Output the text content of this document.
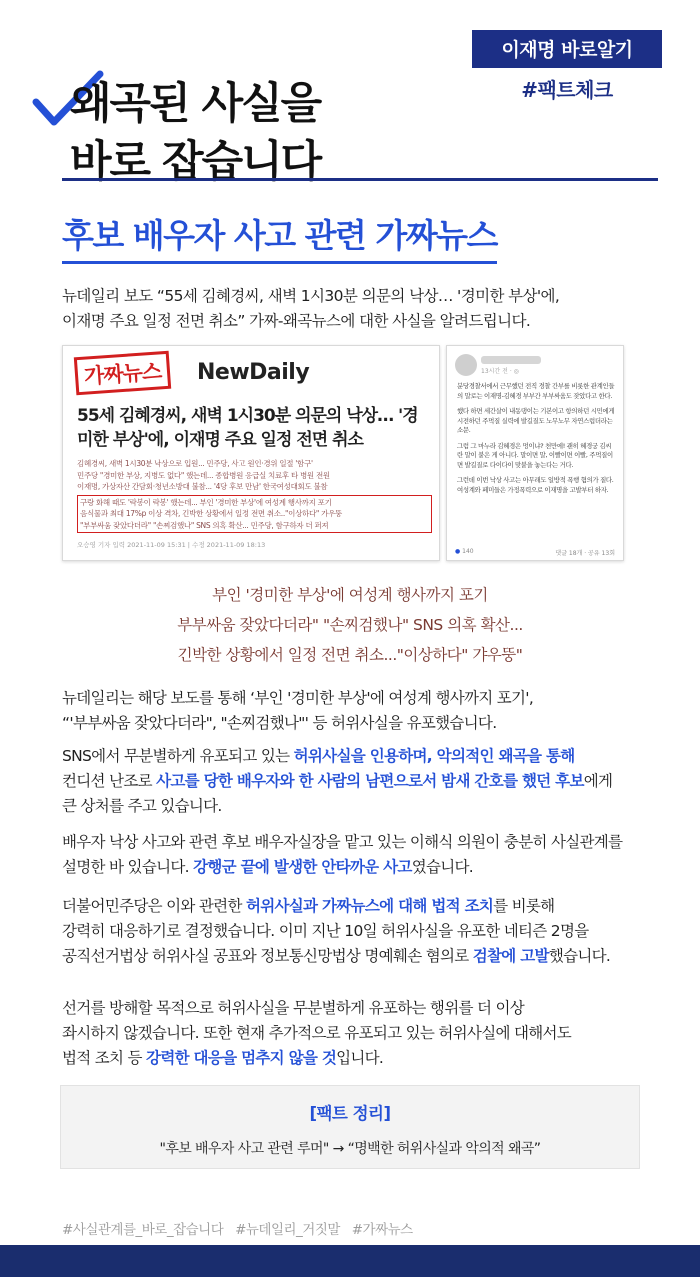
이재명 바로알기
#팩트체크
왜곡된 사실을
바로 잡습니다
후보 배우자 사고 관련 가짜뉴스
뉴데일리 보도 “55세 김혜경씨, 새벽 1시30분 의문의 낙상… '경미한 부상'에,
이재명 주요 일정 전면 취소” 가짜-왜곡뉴스에 대한 사실을 알려드립니다.
가짜뉴스	NewDaily
55세 김혜경씨, 새벽 1시30분 의문의 낙상… '경미한 부상'에, 이재명 주요 일정 전면 취소
김혜경씨, 새벽 1시30분 낙상으로 입원... 민주당, 사고 원인·경위 일절 '함구'
민주당 "경미한 부상, 지병도 없다" 했는데... 종합병원 응급실 치료후 타 병원 전원
이재명, 가상자산 간담회·청년소방대 불참... '4당 후보 만남' 한국여성대회도 불참
구랑 화해 때도 '락봉이 락봉' 했는데... 부인 '경미한 부상'에 여성계 행사까지 포기
음식물과 최대 17%p 이상 격차, 긴박한 상황에서 일정 전면 취소.."이상하다" 가우뚱
"부부싸움 잦았다더라" "손찌검했나" SNS 의혹 확산... 민주당, 함구하자 더 퍼져
오승영 기자 입력 2021-11-09 15:31 | 수정 2021-11-09 18:13
13시간 전 · ◎

분당경찰서에서 근무했던 전직 경찰 간부를 비롯한 관계인들의 말로는 이재명-김혜경 부부간 부부싸움도 잦았다고 한다.

했다 하면 세간살이 내동댕이는 기본이고 항의하던 시민에게 시전하던 주먹질 실력에 발길질도 노무노무 자연스럽더라는 소문.

그럼 그 마누라 김혜경은 멍이냐? 천만에! 괜히 혜경궁 김씨란 말이 붙은 게 아니다. 말이면 말, 이빨이면 이빨, 주먹질이면 발길질로 다이다이 맞붙을 놓는다는 거다.

그런데 이번 낙상 사고는 아무래도 일방적 폭행 혐의가 짙다. 여성계와 페미들은 가정폭력으로 이재명을 고발부터 하자.

● 140	댓글 18개 · 공유 13회
부인 '경미한 부상'에 여성계 행사까지 포기
부부싸움 잦았다더라" "손찌검했나" SNS 의혹 확산...
긴박한 상황에서 일정 전면 취소..."이상하다" 갸우뚱"
뉴데일리는 해당 보도를 통해 ‘부인 '경미한 부상'에 여성계 행사까지 포기',
“'부부싸움 잦았다더라", "손찌검했나"' 등 허위사실을 유포했습니다.
SNS에서 무분별하게 유포되고 있는 허위사실을 인용하며, 악의적인 왜곡을 통해
컨디션 난조로 사고를 당한 배우자와 한 사람의 남편으로서 밤새 간호를 했던 후보에게
큰 상처를 주고 있습니다.
배우자 낙상 사고와 관련 후보 배우자실장을 맡고 있는 이해식 의원이 충분히 사실관계를
설명한 바 있습니다. 강행군 끝에 발생한 안타까운 사고였습니다.
더불어민주당은 이와 관련한 허위사실과 가짜뉴스에 대해 법적 조치를 비롯해
강력히 대응하기로 결정했습니다. 이미 지난 10일 허위사실을 유포한 네티즌 2명을
공직선거법상 허위사실 공표와 정보통신망법상 명예훼손 혐의로 검찰에 고발했습니다.
선거를 방해할 목적으로 허위사실을 무분별하게 유포하는 행위를 더 이상
좌시하지 않겠습니다. 또한 현재 추가적으로 유포되고 있는 허위사실에 대해서도
법적 조치 등 강력한 대응을 멈추지 않을 것입니다.
[팩트 정리]
"후보 배우자 사고 관련 루머" → “명백한 허위사실과 악의적 왜곡”
#사실관계를_바로_잡습니다 #뉴데일리_거짓말 #가짜뉴스
